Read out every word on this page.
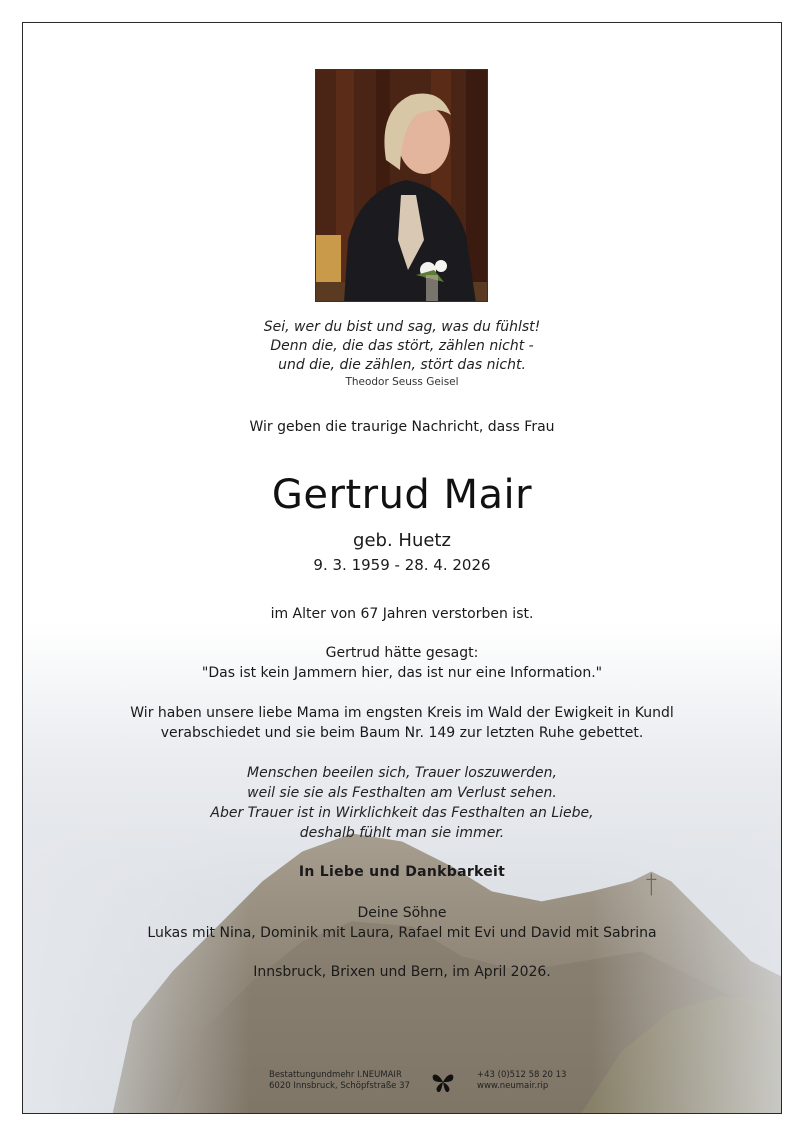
Sei, wer du bist und sag, was du fühlst!
Denn die, die das stört, zählen nicht -
und die, die zählen, stört das nicht.
Theodor Seuss Geisel
Wir geben die traurige Nachricht, dass Frau
Gertrud Mair
geb. Huetz
9. 3. 1959 - 28. 4. 2026
im Alter von 67 Jahren verstorben ist.
Gertrud hätte gesagt:
"Das ist kein Jammern hier, das ist nur eine Information."
Wir haben unsere liebe Mama im engsten Kreis im Wald der Ewigkeit in Kundl
verabschiedet und sie beim Baum Nr. 149 zur letzten Ruhe gebettet.
Menschen beeilen sich, Trauer loszuwerden,
weil sie sie als Festhalten am Verlust sehen.
Aber Trauer ist in Wirklichkeit das Festhalten an Liebe,
deshalb fühlt man sie immer.
In Liebe und Dankbarkeit
Deine Söhne
Lukas mit Nina, Dominik mit Laura, Rafael mit Evi und David mit Sabrina
Innsbruck, Brixen und Bern, im April 2026.
Bestattungundmehr I.NEUMAIR
6020 Innsbruck, Schöpfstraße 37
+43 (0)512 58 20 13
www.neumair.rip
